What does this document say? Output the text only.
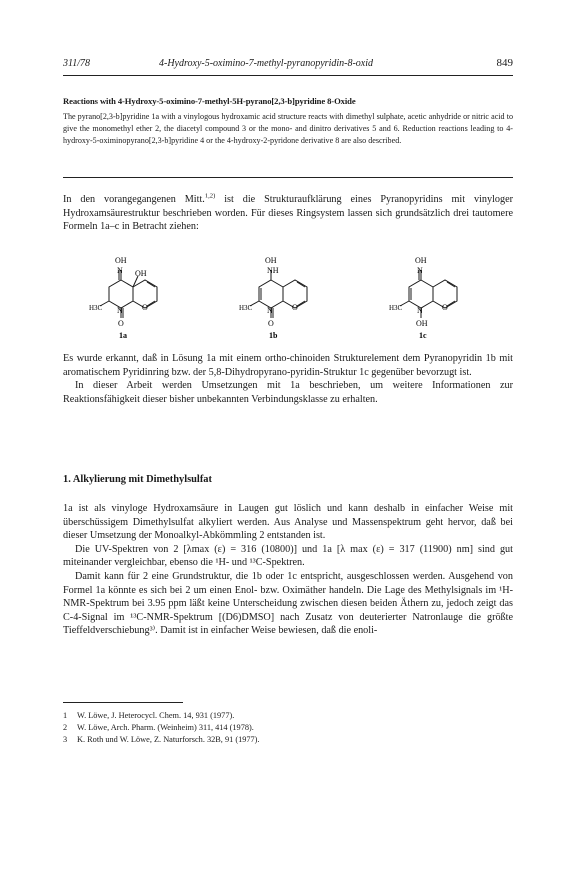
311/78	4-Hydroxy-5-oximino-7-methyl-pyranopyridin-8-oxid	849
Reactions with 4-Hydroxy-5-oximino-7-methyl-5H-pyrano[2,3-b]pyridine 8-Oxide
The pyrano[2,3-b]pyridine 1a with a vinylogous hydroxamic acid structure reacts with dimethyl sulphate, acetic anhydride or nitric acid to give the monomethyl ether 2, the diacetyl compound 3 or the mono- and dinitro derivatives 5 and 6. Reduction reactions leading to 4-hydroxy-5-oximinopyrano[2,3-b]pyridine 4 or the 4-hydroxy-2-pyridone derivative 8 are also described.
In den vorangegangenen Mitt.$^{1,2)}$ ist die Strukturaufklärung eines Pyranopyridins mit vinyloger Hydroxamsäurestruktur beschrieben worden. Für dieses Ringsystem lassen sich grundsätzlich drei tautomere Formeln 1a–c in Betracht ziehen:
OH
N OH
N O
H3C
O
1a
OH
NH
N O
H3C
O
1b
OH
N
N O
H3C
OH
1c
Es wurde erkannt, daß in Lösung 1a mit einem ortho-chinoiden Strukturelement dem Pyranopyridin 1b mit aromatischem Pyridinring bzw. der 5,8-Dihydropyrano-pyridin-Struktur 1c gegenüber bevorzugt ist.
In dieser Arbeit werden Umsetzungen mit 1a beschrieben, um weitere Informationen zur Reaktionsfähigkeit dieser bisher unbekannten Verbindungsklasse zu erhalten.
1. Alkylierung mit Dimethylsulfat
1a ist als vinyloge Hydroxamsäure in Laugen gut löslich und kann deshalb in einfacher Weise mit überschüssigem Dimethylsulfat alkyliert werden. Aus Analyse und Massenspektrum geht hervor, daß bei dieser Umsetzung der Monoalkyl-Abkömmling 2 entstanden ist.
Die UV-Spektren von 2 [λmax (ε) = 316 (10800)] und 1a [λ max (ε) = 317 (11900) nm] sind gut miteinander vergleichbar, ebenso die ¹H- und ¹³C-Spektren.
Damit kann für 2 eine Grundstruktur, die 1b oder 1c entspricht, ausgeschlossen werden. Ausgehend von Formel 1a könnte es sich bei 2 um einen Enol- bzw. Oximäther handeln. Die Lage des Methylsignals im ¹H-NMR-Spektrum bei 3.95 ppm läßt keine Unterscheidung zwischen diesen beiden Äthern zu, jedoch zeigt das C-4-Signal im ¹³C-NMR-Spektrum [(D6)DMSO] nach Zusatz von deuterierter Natronlauge die größte Tieffeldverschiebung³⁾. Damit ist in einfacher Weise bewiesen, daß die enoli-
1 W. Löwe, J. Heterocycl. Chem. 14, 931 (1977).
2 W. Löwe, Arch. Pharm. (Weinheim) 311, 414 (1978).
3 K. Roth und W. Löwe, Z. Naturforsch. 32B, 91 (1977).
